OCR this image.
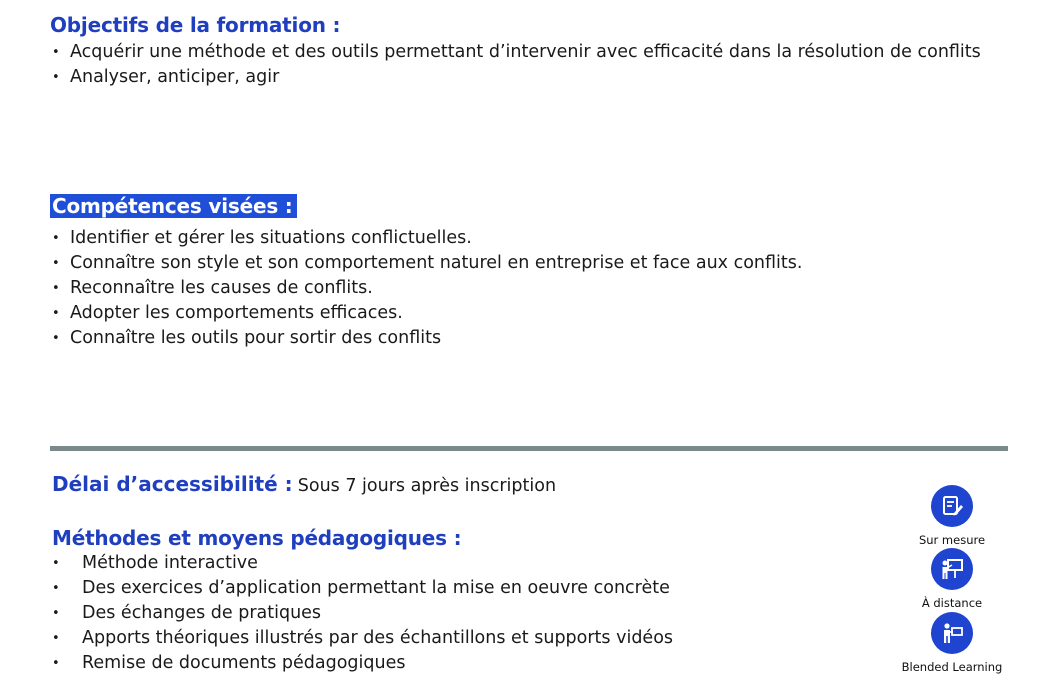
Objectifs de la formation :
• Acquérir une méthode et des outils permettant d’intervenir avec efficacité dans la résolution de conflits
• Analyser, anticiper, agir
Compétences visées :
• Identifier et gérer les situations conflictuelles.
• Connaître son style et son comportement naturel en entreprise et face aux conflits.
• Reconnaître les causes de conflits.
• Adopter les comportements efficaces.
• Connaître les outils pour sortir des conflits
Délai d’accessibilité : Sous 7 jours après inscription
Méthodes et moyens pédagogiques :
• Méthode interactive
• Des exercices d’application permettant la mise en oeuvre concrète
• Des échanges de pratiques
• Apports théoriques illustrés par des échantillons et supports vidéos
• Remise de documents pédagogiques
Sur mesure
À distance
Blended Learning
